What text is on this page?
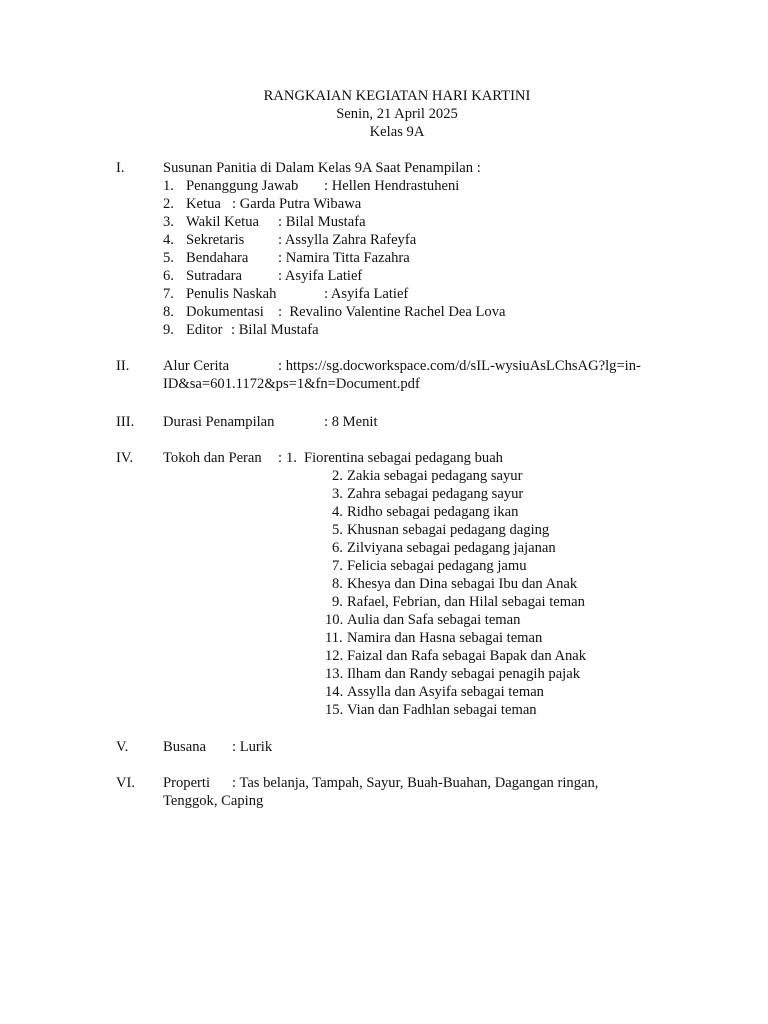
RANGKAIAN KEGIATAN HARI KARTINI
Senin, 21 April 2025
Kelas 9A
I.	Susunan Panitia di Dalam Kelas 9A Saat Penampilan :
1. Penanggung Jawab : Hellen Hendrastuheni
2. Ketua : Garda Putra Wibawa
3. Wakil Ketua : Bilal Mustafa
4. Sekretaris : Assylla Zahra Rafeyfa
5. Bendahara : Namira Titta Fazahra
6. Sutradara : Asyifa Latief
7. Penulis Naskah	: Asyifa Latief
8. Dokumentasi :  Revalino Valentine Rachel Dea Lova
9. Editor : Bilal Mustafa
II. Alur Cerita	: https://sg.docworkspace.com/d/sIL-wysiuAsLChsAG?lg=in-
ID&sa=601.1172&ps=1&fn=Document.pdf
III. Durasi Penampilan	: 8 Menit
IV. Tokoh dan Peran : 1. Fiorentina sebagai pedagang buah
2. Zakia sebagai pedagang sayur
3. Zahra sebagai pedagang sayur
4. Ridho sebagai pedagang ikan
5. Khusnan sebagai pedagang daging
6. Zilviyana sebagai pedagang jajanan
7. Felicia sebagai pedagang jamu
8. Khesya dan Dina sebagai Ibu dan Anak
9. Rafael, Febrian, dan Hilal sebagai teman
10. Aulia dan Safa sebagai teman
11. Namira dan Hasna sebagai teman
12. Faizal dan Rafa sebagai Bapak dan Anak
13. Ilham dan Randy sebagai penagih pajak
14. Assylla dan Asyifa sebagai teman
15. Vian dan Fadhlan sebagai teman
V. Busana : Lurik
VI. Properti : Tas belanja, Tampah, Sayur, Buah-Buahan, Dagangan ringan,
Tenggok, Caping
